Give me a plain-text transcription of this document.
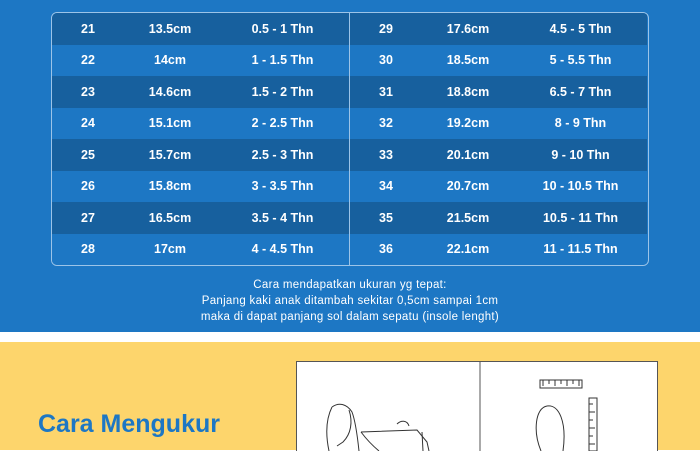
21	13.5cm	0.5 - 1 Thn
22	14cm	1 - 1.5 Thn
23	14.6cm	1.5 - 2 Thn
24	15.1cm	2 - 2.5 Thn
25	15.7cm	2.5 - 3 Thn
26	15.8cm	3 - 3.5 Thn
27	16.5cm	3.5 - 4 Thn
28	17cm	4 - 4.5 Thn
29	17.6cm	4.5 - 5 Thn
30	18.5cm	5 - 5.5 Thn
31	18.8cm	6.5 - 7 Thn
32	19.2cm	8 - 9 Thn
33	20.1cm	9 - 10 Thn
34	20.7cm	10 - 10.5 Thn
35	21.5cm	10.5 - 11 Thn
36	22.1cm	11 - 11.5 Thn
Cara mendapatkan ukuran yg tepat:
Panjang kaki anak ditambah sekitar 0,5cm sampai 1cm
maka di dapat panjang sol dalam sepatu (insole lenght)
Cara Mengukur
